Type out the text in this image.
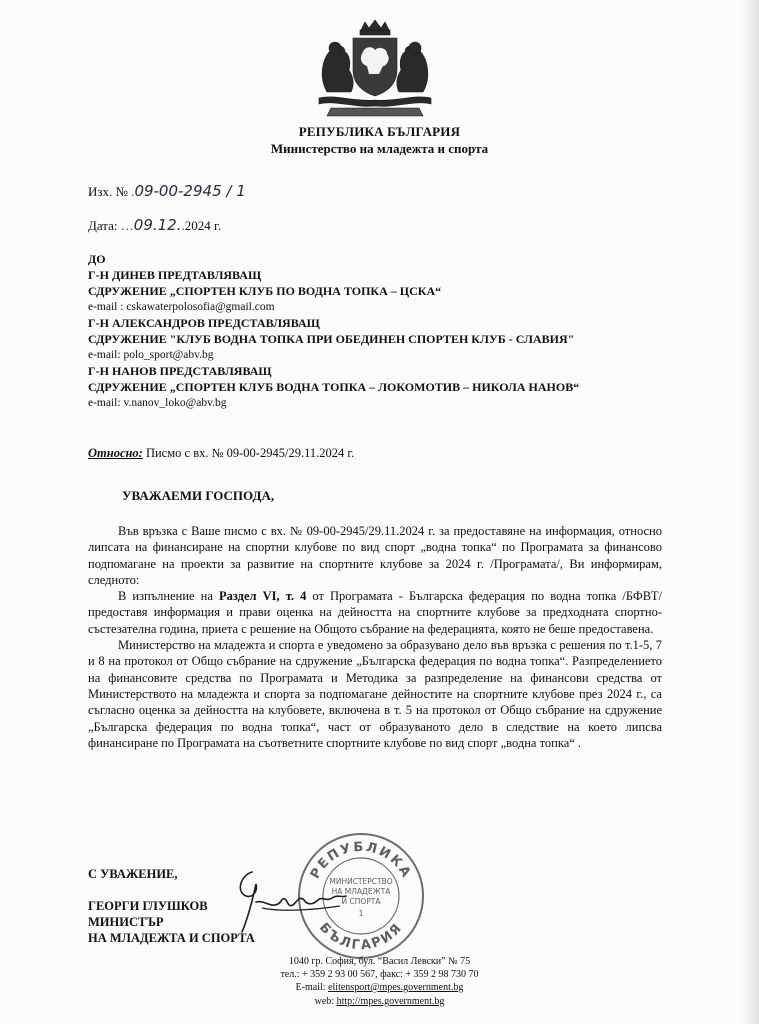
РЕПУБЛИКА БЪЛГАРИЯ
Министерство на младежта и спорта
Изх. № .09-00-2945 / 1
Дата: …09.12..2024 г.
ДО
Г-Н ДИНЕВ ПРЕДТАВЛЯВАЩ
СДРУЖЕНИЕ „СПОРТЕН КЛУБ ПО ВОДНА ТОПКА – ЦСКА“
e-mail : cskawaterpolosofia@gmail.com
Г-Н АЛЕКСАНДРОВ ПРЕДСТАВЛЯВАЩ
СДРУЖЕНИЕ "КЛУБ ВОДНА ТОПКА ПРИ ОБЕДИНЕН СПОРТЕН КЛУБ - СЛАВИЯ"
e-mail: polo_sport@abv.bg
Г-Н НАНОВ ПРЕДСТАВЛЯВАЩ
СДРУЖЕНИЕ „СПОРТЕН КЛУБ ВОДНА ТОПКА – ЛОКОМОТИВ – НИКОЛА НАНОВ“
e-mail: v.nanov_loko@abv.bg
Относно: Писмо с вх. № 09-00-2945/29.11.2024 г.
УВАЖАЕМИ ГОСПОДА,

Във връзка с Ваше писмо с вх. № 09-00-2945/29.11.2024 г. за предоставяне на информация, относно липсата на финансиране на спортни клубове по вид спорт „водна топка“ по Програмата за финансово подпомагане на проекти за развитие на спортните клубове за 2024 г. /Програмата/, Ви информирам, следното:

В изпълнение на Раздел VI, т. 4 от Програмата - Българска федерация по водна топка /БФВТ/ предоставя информация и прави оценка на дейността на спортните клубове за предходната спортно-състезателна година, приета с решение на Общото събрание на федерацията, която не беше предоставена.

Министерство на младежта и спорта е уведомено за образувано дело във връзка с решения по т.1-5, 7 и 8 на протокол от Общо събрание на сдружение „Българска федерация по водна топка“. Разпределението на финансовите средства по Програмата и Методика за разпределение на финансови средства от Министерството на младежта и спорта за подпомагане дейностите на спортните клубове през 2024 г., са съгласно оценка за дейността на клубовете, включена в т. 5 на протокол от Общо събрание на сдружение „Българска федерация по водна топка“, част от образуваното дело в следствие на което липсва финансиране по Програмата на съответните спортните клубове по вид спорт „водна топка“ .

РЕПУБЛИКА
БЪЛГАРИЯ
МИНИСТЕРСТВО
НА МЛАДЕЖТА
И СПОРТА
1
С УВАЖЕНИЕ,
ГЕОРГИ ГЛУШКОВ
МИНИСТЪР
НА МЛАДЕЖТА И СПОРТА
1040 гр. София, бул. “Васил Левски” № 75
тел.: + 359 2 93 00 567, факс: + 359 2 98 730 70
E-mail: elitensport@mpes.government.bg
web: http://mpes.government.bg
